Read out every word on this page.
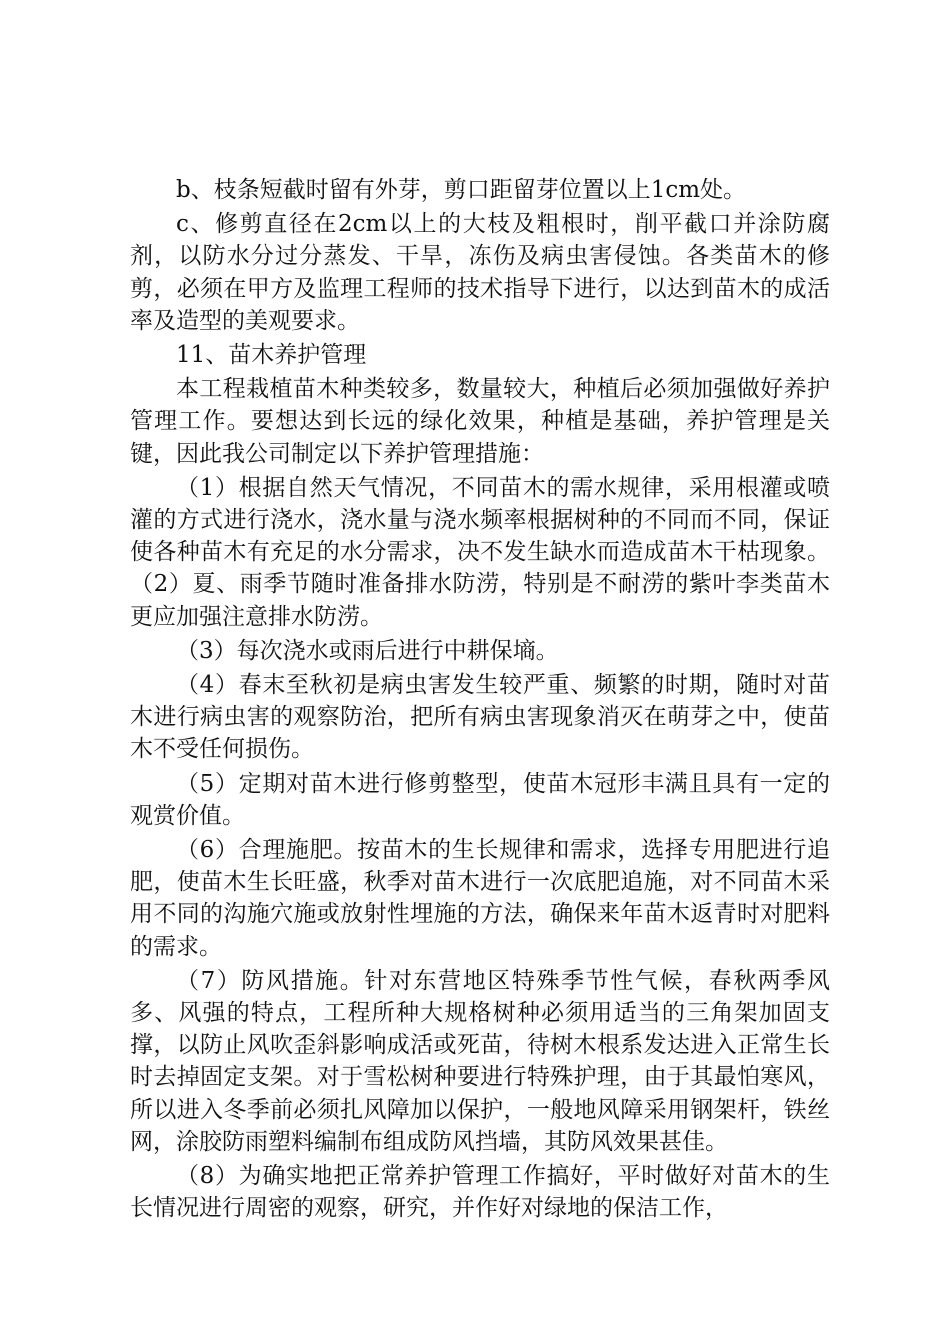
b、枝条短截时留有外芽，剪口距留芽位置以上1cm处。

c、修剪直径在2cm以上的大枝及粗根时，削平截口并涂防腐剂，以防水分过分蒸发、干旱，冻伤及病虫害侵蚀。各类苗木的修剪，必须在甲方及监理工程师的技术指导下进行，以达到苗木的成活率及造型的美观要求。

11、苗木养护管理

本工程栽植苗木种类较多，数量较大，种植后必须加强做好养护管理工作。要想达到长远的绿化效果，种植是基础，养护管理是关键，因此我公司制定以下养护管理措施：

（1）根据自然天气情况，不同苗木的需水规律，采用根灌或喷灌的方式进行浇水，浇水量与浇水频率根据树种的不同而不同，保证使各种苗木有充足的水分需求，决不发生缺水而造成苗木干枯现象。（2）夏、雨季节随时准备排水防涝，特别是不耐涝的紫叶李类苗木更应加强注意排水防涝。

（3）每次浇水或雨后进行中耕保墒。

（4）春末至秋初是病虫害发生较严重、频繁的时期，随时对苗木进行病虫害的观察防治，把所有病虫害现象消灭在萌芽之中，使苗木不受任何损伤。

（5）定期对苗木进行修剪整型，使苗木冠形丰满且具有一定的观赏价值。

（6）合理施肥。按苗木的生长规律和需求，选择专用肥进行追肥，使苗木生长旺盛，秋季对苗木进行一次底肥追施，对不同苗木采用不同的沟施穴施或放射性埋施的方法，确保来年苗木返青时对肥料的需求。

（7）防风措施。针对东营地区特殊季节性气候，春秋两季风多、风强的特点，工程所种大规格树种必须用适当的三角架加固支撑，以防止风吹歪斜影响成活或死苗，待树木根系发达进入正常生长时去掉固定支架。对于雪松树种要进行特殊护理，由于其最怕寒风，所以进入冬季前必须扎风障加以保护，一般地风障采用钢架杆，铁丝网，涂胶防雨塑料编制布组成防风挡墙，其防风效果甚佳。

（8）为确实地把正常养护管理工作搞好，平时做好对苗木的生长情况进行周密的观察，研究，并作好对绿地的保洁工作，
